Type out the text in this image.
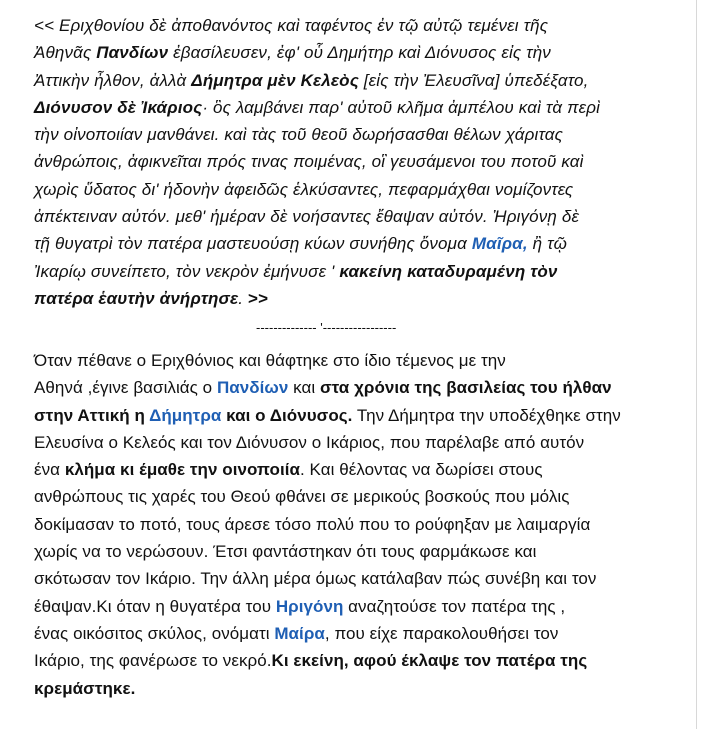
<< Εριχθονίου δὲ ἀποθανόντος καὶ ταφέντος ἐν τῷ αὐτῷ τεμένει τῆς
Ἀθηνᾶς Πανδίων ἐβασίλευσεν, ἐφ' οὗ Δημήτηρ καὶ Διόνυσος εἰς τὴν
Ἀττικὴν ἦλθον, ἀλλὰ Δήμητρα μὲν Κελεὸς [εἰς τὴν Ἐλευσῖνα] ὑπεδέξατο,
Διόνυσον δὲ Ἰκάριος· ὃς λαμβάνει παρ' αὐτοῦ κλῆμα ἀμπέλου καὶ τὰ περὶ
τὴν οἰνοποιίαν μανθάνει. καὶ τὰς τοῦ θεοῦ δωρήσασθαι θέλων χάριτας
ἀνθρώποις, ἀφικνεῖται πρός τινας ποιμένας, οἳ γευσάμενοι του ποτοῦ καὶ
χωρὶς ὕδατος δι' ἡδονὴν ἀφειδῶς ἑλκύσαντες, πεφαρμάχθαι νομίζοντες
ἀπέκτειναν αὐτόν. μεθ' ἡμέραν δὲ νοήσαντες ἔθαψαν αὐτόν. Ἠριγόνῃ δὲ
τῇ θυγατρὶ τὸν πατέρα μαστευούσῃ κύων συνήθης ὄνομα Μαῖρα, ἢ τῷ
Ἰκαρίῳ συνείπετο, τὸν νεκρὸν ἐμήνυσε ' κακείνη καταδυραμένη τὸν
πατέρα ἑαυτὴν ἀνήρτησε. >>
-------------- '-----------------
Όταν πέθανε ο Εριχθόνιος και θάφτηκε στο ίδιο τέμενος με την
Αθηνά ,έγινε βασιλιάς ο Πανδίων και στα χρόνια της βασιλείας του ήλθαν
στην Αττική η Δήμητρα και ο Διόνυσος. Την Δήμητρα την υποδέχθηκε στην
Ελευσίνα ο Κελεός και τον Διόνυσον ο Ικάριος, που παρέλαβε από αυτόν
ένα κλήμα κι έμαθε την οινοποιία. Και θέλοντας να δωρίσει στους
ανθρώπους τις χαρές του Θεού φθάνει σε μερικούς βοσκούς που μόλις
δοκίμασαν το ποτό, τους άρεσε τόσο πολύ που το ρούφηξαν με λαιμαργία
χωρίς να το νερώσουν. Έτσι φαντάστηκαν ότι τους φαρμάκωσε και
σκότωσαν τον Ικάριο. Την άλλη μέρα όμως κατάλαβαν πώς συνέβη και τον
έθαψαν.Κι όταν η θυγατέρα του Ηριγόνη αναζητούσε τον πατέρα της ,
ένας οικόσιτος σκύλος, ονόματι Μαίρα, που είχε παρακολουθήσει τον
Ικάριο, της φανέρωσε το νεκρό.Κι εκείνη, αφού έκλαψε τον πατέρα της
κρεμάστηκε.
